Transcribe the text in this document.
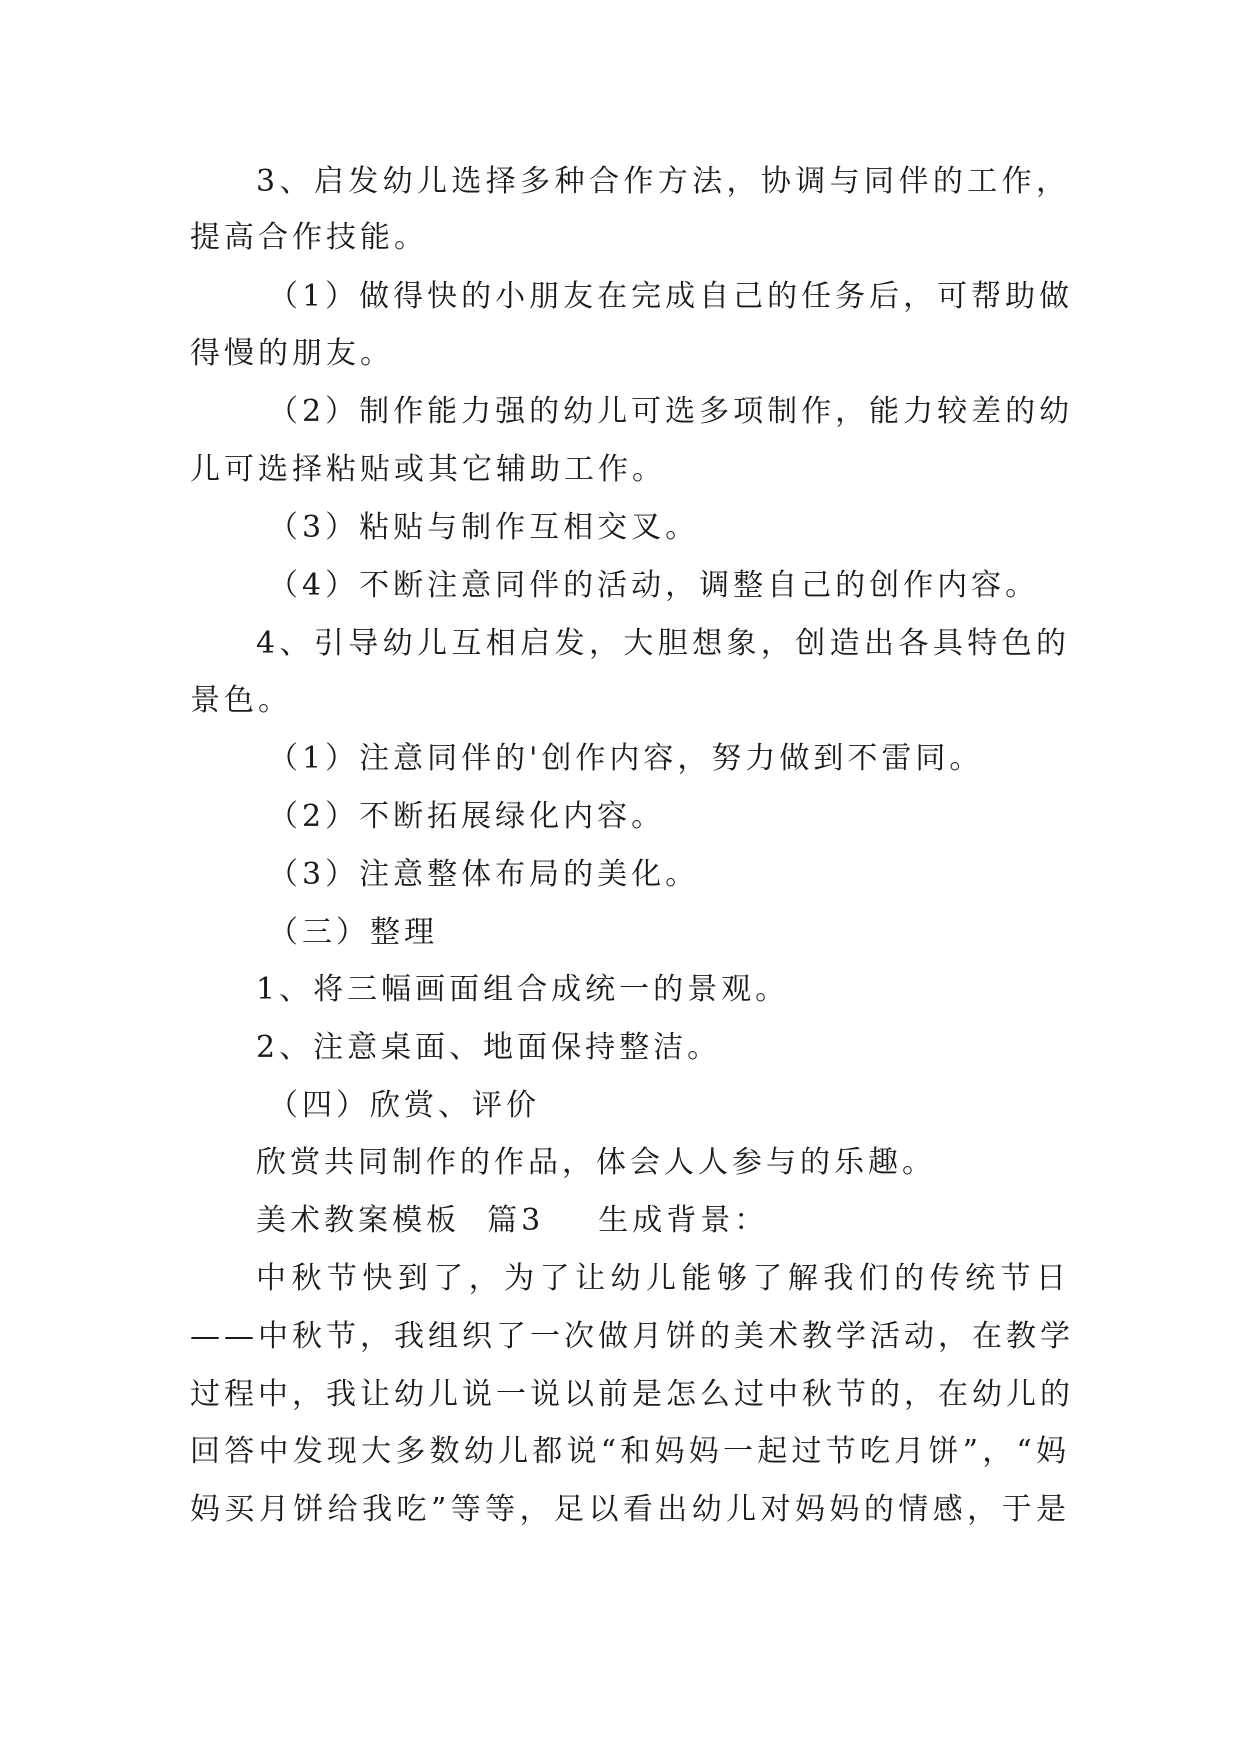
3、启发幼儿选择多种合作方法，协调与同伴的工作，
提高合作技能。
（1）做得快的小朋友在完成自己的任务后，可帮助做
得慢的朋友。
（2）制作能力强的幼儿可选多项制作，能力较差的幼
儿可选择粘贴或其它辅助工作。
（3）粘贴与制作互相交叉。
（4）不断注意同伴的活动，调整自己的创作内容。
4、引导幼儿互相启发，大胆想象，创造出各具特色的
景色。
（1）注意同伴的'创作内容，努力做到不雷同。
（2）不断拓展绿化内容。
（3）注意整体布局的美化。
（三）整理
1、将三幅画面组合成统一的景观。
2、注意桌面、地面保持整洁。
（四）欣赏、评价
欣赏共同制作的作品，体会人人参与的乐趣。
美术教案模板  篇3    生成背景：
中秋节快到了，为了让幼儿能够了解我们的传统节日
——中秋节，我组织了一次做月饼的美术教学活动，在教学
过程中，我让幼儿说一说以前是怎么过中秋节的，在幼儿的
回答中发现大多数幼儿都说“和妈妈一起过节吃月饼”，“妈
妈买月饼给我吃”等等，足以看出幼儿对妈妈的情感，于是
